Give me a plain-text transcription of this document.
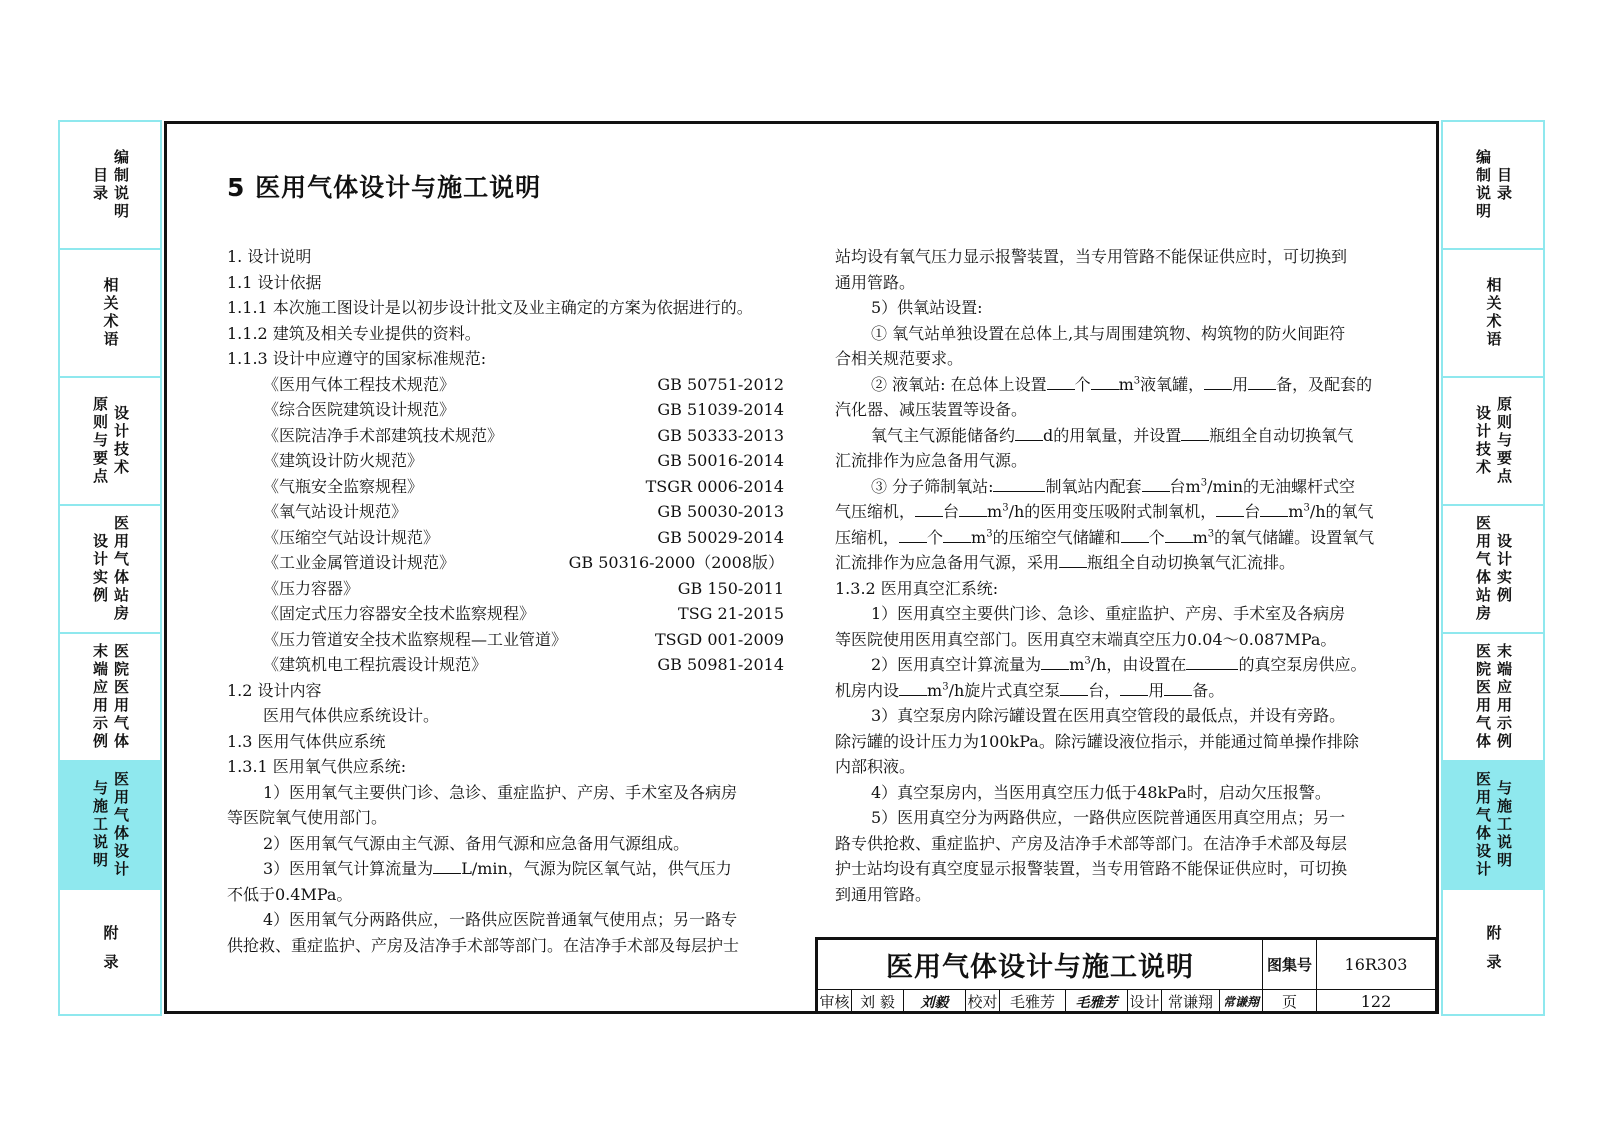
目录 编制说明
相关术语
原则与要点 设计技术
设计实例 医用气体站房
末端应用示例 医院医用气体
与施工说明 医用气体设计
附录
编制说明 目录
相关术语
设计技术 原则与要点
医用气体站房 设计实例
医院医用气体 末端应用示例
医用气体设计 与施工说明
附录
5 医用气体设计与施工说明
1. 设计说明
1.1 设计依据
1.1.1 本次施工图设计是以初步设计批文及业主确定的方案为依据进行的。
1.1.2 建筑及相关专业提供的资料。
1.1.3 设计中应遵守的国家标准规范:
《医用气体工程技术规范》	GB 50751-2012
《综合医院建筑设计规范》	GB 51039-2014
《医院洁净手术部建筑技术规范》	GB 50333-2013
《建筑设计防火规范》	GB 50016-2014
《气瓶安全监察规程》	TSGR 0006-2014
《氧气站设计规范》	GB 50030-2013
《压缩空气站设计规范》	GB 50029-2014
《工业金属管道设计规范》	GB 50316-2000（2008版）
《压力容器》	GB 150-2011
《固定式压力容器安全技术监察规程》	TSG 21-2015
《压力管道安全技术监察规程—工业管道》	TSGD 001-2009
《建筑机电工程抗震设计规范》	GB 50981-2014
1.2 设计内容
医用气体供应系统设计。
1.3 医用气体供应系统
1.3.1 医用氧气供应系统:
1）医用氧气主要供门诊、急诊、重症监护、产房、手术室及各病房
等医院氧气使用部门。
2）医用氧气气源由主气源、备用气源和应急备用气源组成。
3）医用氧气计算流量为 L/min，气源为院区氧气站，供气压力
不低于0.4MPa。
4）医用氧气分两路供应，一路供应医院普通氧气使用点；另一路专
供抢救、重症监护、产房及洁净手术部等部门。在洁净手术部及每层护士
站均设有氧气压力显示报警装置，当专用管路不能保证供应时，可切换到
通用管路。
5）供氧站设置:
① 氧气站单独设置在总体上,其与周围建筑物、构筑物的防火间距符
合相关规范要求。
② 液氧站: 在总体上设置 个 $m^3$液氧罐， 用 备，及配套的
汽化器、减压装置等设备。
氧气主气源能储备约 d的用氧量，并设置 瓶组全自动切换氧气
汇流排作为应急备用气源。
③ 分子筛制氧站:	制氧站内配套 台$m^3/\min$的无油螺杆式空
气压缩机， 台 $m^3/h$的医用变压吸附式制氧机， 台 $m^3/h$的氧气
压缩机， 个 $m^3$的压缩空气储罐和 个 $m^3$的氧气储罐。设置氧气
汇流排作为应急备用气源，采用 瓶组全自动切换氧气汇流排。
1.3.2 医用真空汇系统:
1）医用真空主要供门诊、急诊、重症监护、产房、手术室及各病房
等医院使用医用真空部门。医用真空末端真空压力0.04～0.087MPa。
2）医用真空计算流量为 $m^3/h$，由设置在	的真空泵房供应。
机房内设 $m^3/h$旋片式真空泵 台， 用 备。
3）真空泵房内除污罐设置在医用真空管段的最低点，并设有旁路。
除污罐的设计压力为100kPa。除污罐设液位指示，并能通过简单操作排除
内部积液。
4）真空泵房内，当医用真空压力低于48kPa时，启动欠压报警。
5）医用真空分为两路供应，一路供应医院普通医用真空用点；另一
路专供抢救、重症监护、产房及洁净手术部等部门。在洁净手术部及每层
护士站均设有真空度显示报警装置，当专用管路不能保证供应时，可切换
到通用管路。
医用气体设计与施工说明	图集号	16R303
审核 刘 毅	刘毅	校对 毛雅芳	毛雅芳 设计 常谦翔 常谦翔	页	122
